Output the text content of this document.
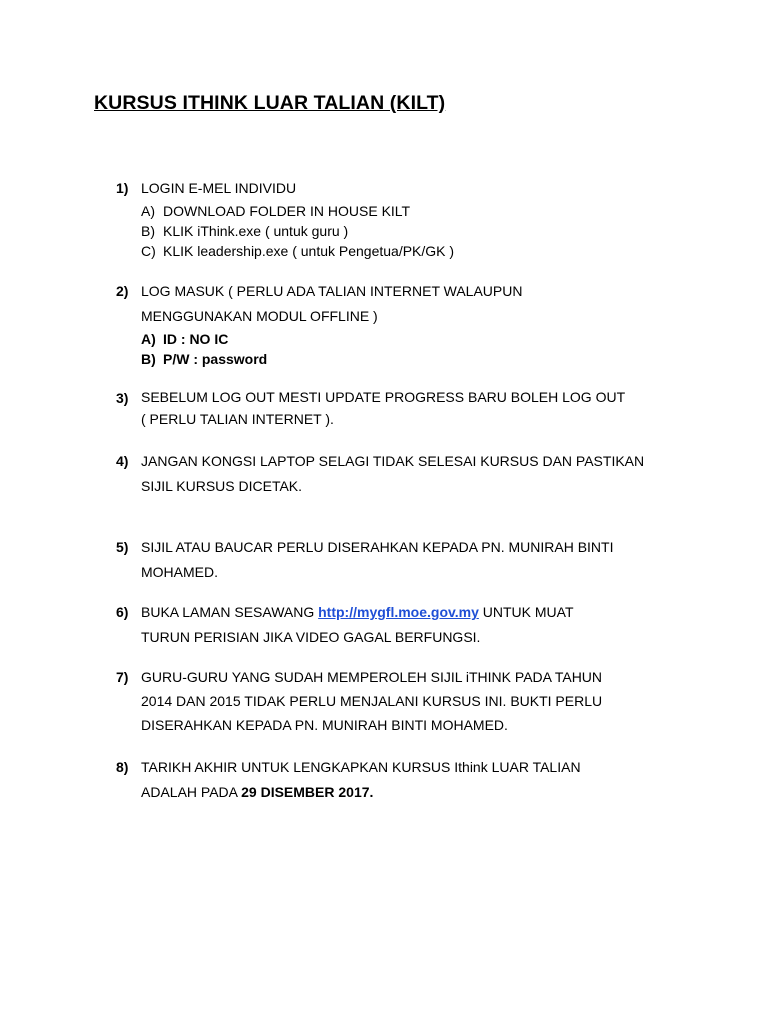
KURSUS ITHINK LUAR TALIAN (KILT)
1) LOGIN E-MEL INDIVIDU
A) DOWNLOAD FOLDER IN HOUSE KILT
B) KLIK iThink.exe ( untuk guru )
C) KLIK leadership.exe ( untuk Pengetua/PK/GK )
2) LOG MASUK ( PERLU ADA TALIAN INTERNET WALAUPUN
MENGGUNAKAN MODUL OFFLINE )
A) ID : NO IC
B) P/W : password
3) SEBELUM LOG OUT MESTI UPDATE PROGRESS BARU BOLEH LOG OUT
( PERLU TALIAN INTERNET ).
4) JANGAN KONGSI LAPTOP SELAGI TIDAK SELESAI KURSUS DAN PASTIKAN
SIJIL KURSUS DICETAK.
5) SIJIL ATAU BAUCAR PERLU DISERAHKAN KEPADA PN. MUNIRAH BINTI
MOHAMED.
6) BUKA LAMAN SESAWANG http://mygfl.moe.gov.my UNTUK MUAT
TURUN PERISIAN JIKA VIDEO GAGAL BERFUNGSI.
7) GURU-GURU YANG SUDAH MEMPEROLEH SIJIL iTHINK PADA TAHUN
2014 DAN 2015 TIDAK PERLU MENJALANI KURSUS INI. BUKTI PERLU
DISERAHKAN KEPADA PN. MUNIRAH BINTI MOHAMED.
8) TARIKH AKHIR UNTUK LENGKAPKAN KURSUS Ithink LUAR TALIAN
ADALAH PADA 29 DISEMBER 2017.
